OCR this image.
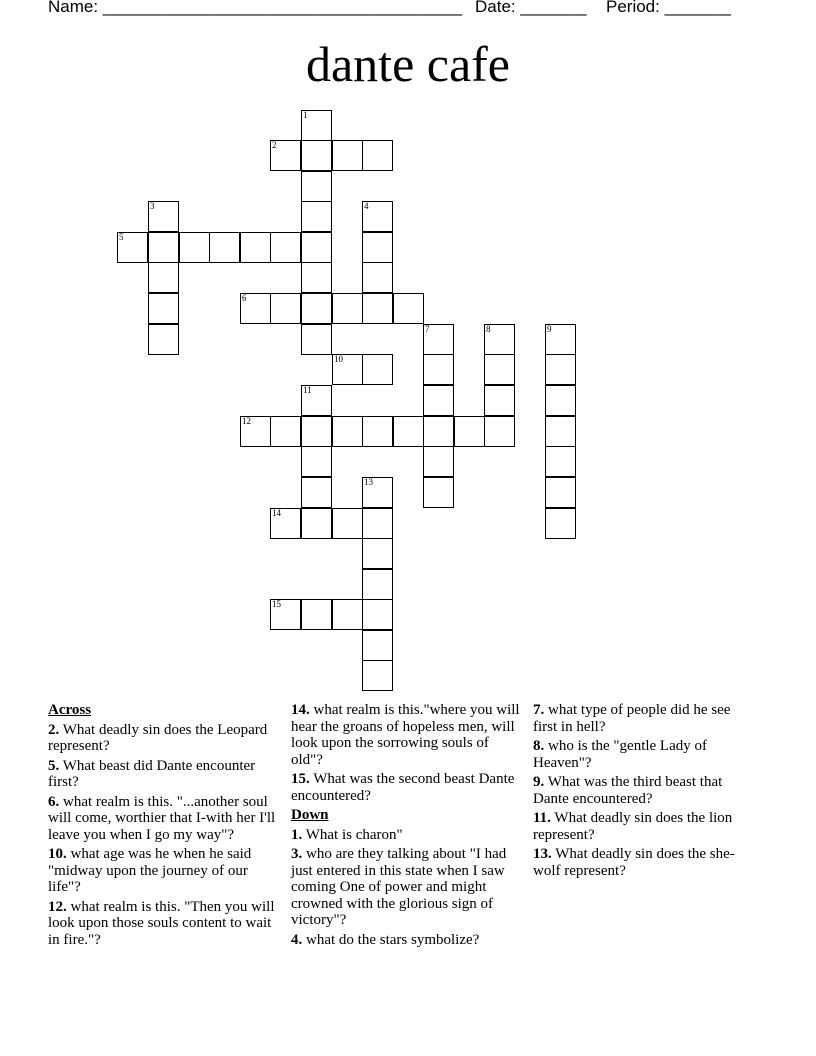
Name: ______________________________________ Date: _______ Period: _______
dante cafe
1
2
3	4
5
6
7	8	9
10
11
12
13
14
15
Across
2. What deadly sin does the Leopard represent?
5. What beast did Dante encounter first?
6. what realm is this. "...another soul will come, worthier that I-with her I'll leave you when I go my way"?
10. what age was he when he said "midway upon the journey of our life"?
12. what realm is this. "Then you will look upon those souls content to wait in fire."?
14. what realm is this."where you will hear the groans of hopeless men, will look upon the sorrowing souls of old"?
15. What was the second beast Dante encountered?
Down
1. What is charon"
3. who are they talking about "I had just entered in this state when I saw coming One of power and might crowned with the glorious sign of victory"?
4. what do the stars symbolize?
7. what type of people did he see first in hell?
8. who is the "gentle Lady of Heaven"?
9. What was the third beast that Dante encountered?
11. What deadly sin does the lion represent?
13. What deadly sin does the she-wolf represent?
